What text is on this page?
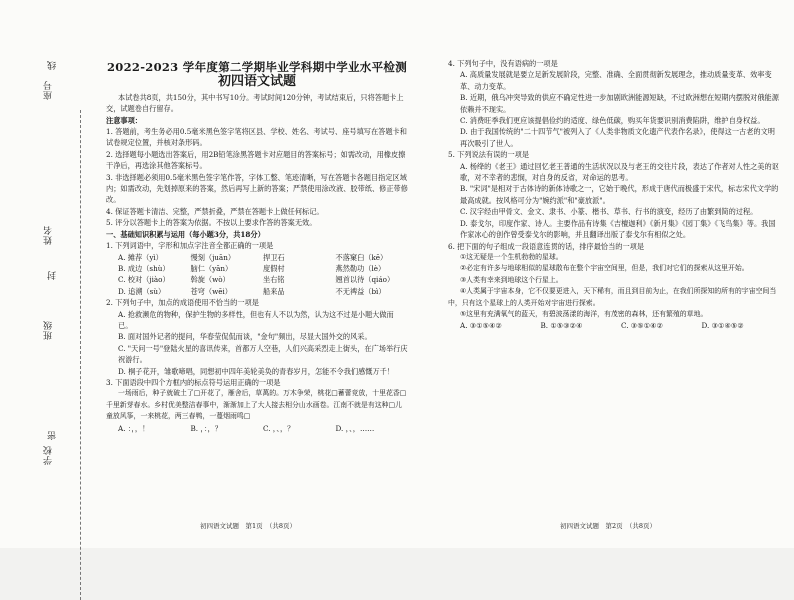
座号
线
姓名
封
班级
学校
密
2022-2023 学年度第二学期毕业学科期中学业水平检测
初四语文试题

本试卷共8页，共150分，其中书写10分。考试时间120分钟，考试结束后，只将答题卡上交，试题卷自行留存。

注意事项：

1. 答题前，考生务必用0.5毫米黑色签字笔将区县、学校、姓名、考试号、座号填写在答题卡和试卷规定位置，并核对条形码。

2. 选择题每小题选出答案后，用2B铅笔涂黑答题卡对应题目的答案标号；如需改动，用橡皮擦干净后，再选涂其他答案标号。

3. 非选择题必须用0.5毫米黑色签字笔作答，字体工整、笔迹清晰，写在答题卡各题目指定区域内；如需改动，先划掉原来的答案，然后再写上新的答案；严禁使用涂改液、胶带纸、修正带修改。

4. 保证答题卡清洁、完整，严禁折叠，严禁在答题卡上做任何标记。

5. 评分以答题卡上的答案为依据。不按以上要求作答的答案无效。

一、基础知识积累与运用（每小题3分，共18分）

1. 下列词语中，字形和加点字注音全都正确的一项是

A. 摊荐（yì）	慢刻（juān）	捍卫石	不落窠臼（kē）
B. 成边（shù）	脑仁（yān）	度假村	燕然勒功（lè）
C. 校对（jiào）	斡旋（wò）	坐右铭	翘首以待（qiáo）
D. 追溯（sù）	苍穹（wēi）	船来品	不无裨益（bì）

2. 下列句子中，加点的成语使用不恰当的一项是

A. 抢救濒危的物种，保护生物的多样性，但也有人不以为然，认为这不过是小题大做而已。

B. 面对国外记者的提问，华春莹侃侃而谈，"金句"频出，尽显大国外交的风采。

C. "天问一号"登陆火星的喜讯传来，首都万人空巷，人们兴高采烈走上街头，在广场举行庆祝游行。

D. 桐子花开，雏歌啼唱，同想初中四年美轮美奂的青春岁月，怎能不令我们感慨万千！

3. 下面语段中四个方框内的标点符号运用正确的一项是

一场雨后，种子就破土了□开花了，雁舍后，草萬的。万木争荣，桃花□蓄蕾竞放，十里花香□千里新芽春水。乡村优美整洁春事中，渐渐加上了大人接去相分山水画卷。江南不就是有这种□儿童放风筝，一来桃花，两三春鸭，一蔓烟雨鸣□

A. ：，，！	B. ，：，？	C. ，、，？	D. ，、，……

4. 下列句子中，没有语病的一项是

A. 高质量发展就是要立足新发展阶段，完整、准确、全面贯彻新发展理念，推动质量变革、效率变革、动力变革。

B. 近期，俄乌冲突导致的供应不确定性进一步加剧欧洲能源短缺，不过欧洲想在短期内摆脱对俄能源依赖并不现实。

C. 消费旺季我们更应该提倡俭约的适度、绿色低碳，购买年货要识别消费陷阱，维护自身权益。

D. 由于我国传统的"二十四节气"被列入了《人类非物质文化遗产代表作名录》，使得这一古老的文明再次吸引了世人。

5. 下列说法有误的一项是

A. 杨绛的《老王》通过回忆老王普通的生活状况以及与老王的交往片段，表达了作者对人性之美的讴歌，对不幸者的悲悯，对自身的反省，对命运的思考。

B. "宋词"是相对于古体诗的新体诗歌之一，它始于晚代，形成于唐代而极盛于宋代，标志宋代文学的最高成就。按风格可分为"婉约派"和"豪放派"。

C. 汉字经由甲骨文、金文、隶书、小篆、楷书、草书、行书的演变，经历了由繁到简的过程。

D. 泰戈尔，印度作家、诗人。主要作品有诗集《吉檀迦利》《新月集》《园丁集》《飞鸟集》等。我国作家冰心的创作曾受泰戈尔的影响，并且翻译出版了泰戈尔有相似之处。

6. 把下面的句子组成一段语意连贯的话，排序最恰当的一项是

①这无疑是一个生机勃勃的星球。

②必定有许多与地球相似的星球散布在整个宇宙空间里，但是，我们对它们的探索从这里开始。

③人类有幸来到地球这个行星上。

④人类属于宇宙本身，它不仅要更进入，天下稀有，而且到目前为止，在我们所探知的所有的宇宙空间当中，只有这个星球上的人类开始对宇宙进行探索。

⑤这里有充满氧气的蓝天，有碧波荡漾的海洋，有茂密的森林，还有繁殖的草地。

A. ③①⑤④②	B. ①⑤③②④	C. ③⑤①④②	D. ③①④⑤②
初四语文试题　第1页　（共8页）	初四语文试题　第2页　（共8页）
